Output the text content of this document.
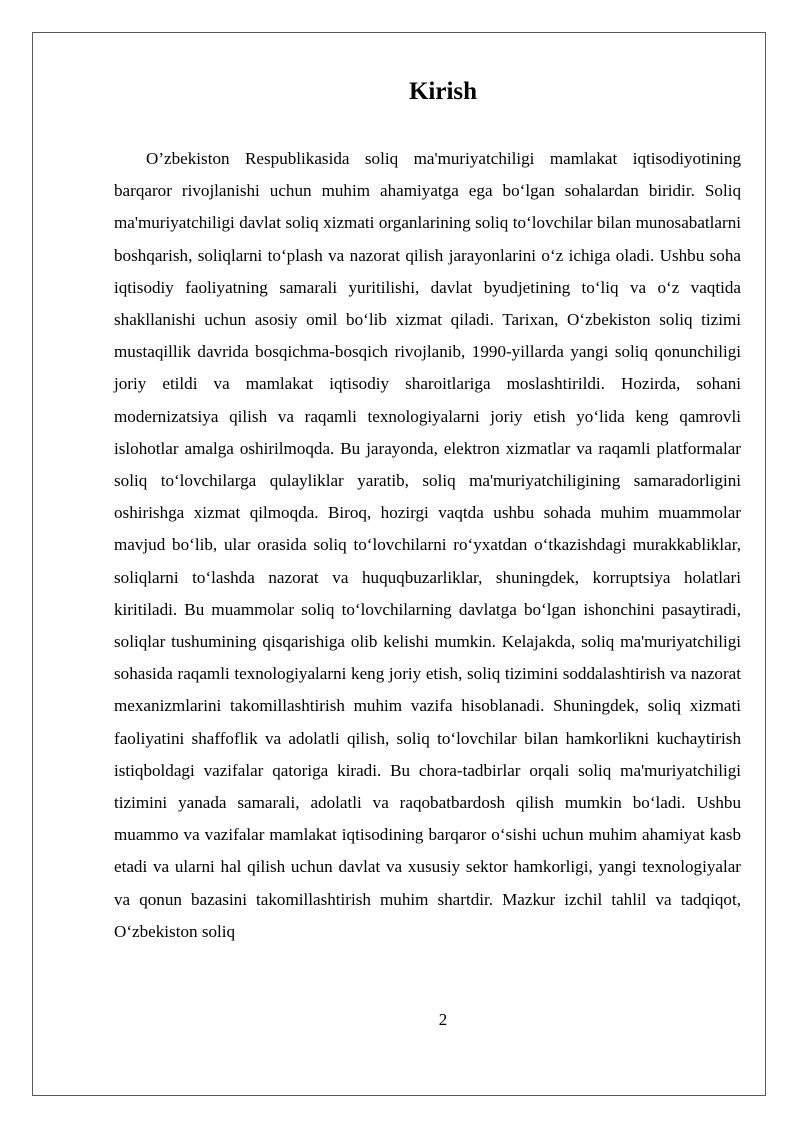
Kirish

O’zbekiston Respublikasida soliq ma'muriyatchiligi mamlakat iqtisodiyotining barqaror rivojlanishi uchun muhim ahamiyatga ega bo‘lgan sohalardan biridir. Soliq ma'muriyatchiligi davlat soliq xizmati organlarining soliq to‘lovchilar bilan munosabatlarni boshqarish, soliqlarni to‘plash va nazorat qilish jarayonlarini o‘z ichiga oladi. Ushbu soha iqtisodiy faoliyatning samarali yuritilishi, davlat byudjetining to‘liq va o‘z vaqtida shakllanishi uchun asosiy omil bo‘lib xizmat qiladi. Tarixan, O‘zbekiston soliq tizimi mustaqillik davrida bosqichma-bosqich rivojlanib, 1990-yillarda yangi soliq qonunchiligi joriy etildi va mamlakat iqtisodiy sharoitlariga moslashtirildi. Hozirda, sohani modernizatsiya qilish va raqamli texnologiyalarni joriy etish yo‘lida keng qamrovli islohotlar amalga oshirilmoqda. Bu jarayonda, elektron xizmatlar va raqamli platformalar soliq to‘lovchilarga qulayliklar yaratib, soliq ma'muriyatchiligining samaradorligini oshirishga xizmat qilmoqda. Biroq, hozirgi vaqtda ushbu sohada muhim muammolar mavjud bo‘lib, ular orasida soliq to‘lovchilarni ro‘yxatdan o‘tkazishdagi murakkabliklar, soliqlarni to‘lashda nazorat va huquqbuzarliklar, shuningdek, korruptsiya holatlari kiritiladi. Bu muammolar soliq to‘lovchilarning davlatga bo‘lgan ishonchini pasaytiradi, soliqlar tushumining qisqarishiga olib kelishi mumkin. Kelajakda, soliq ma'muriyatchiligi sohasida raqamli texnologiyalarni keng joriy etish, soliq tizimini soddalashtirish va nazorat mexanizmlarini takomillashtirish muhim vazifa hisoblanadi. Shuningdek, soliq xizmati faoliyatini shaffoflik va adolatli qilish, soliq to‘lovchilar bilan hamkorlikni kuchaytirish istiqboldagi vazifalar qatoriga kiradi. Bu chora-tadbirlar orqali soliq ma'muriyatchiligi tizimini yanada samarali, adolatli va raqobatbardosh qilish mumkin bo‘ladi. Ushbu muammo va vazifalar mamlakat iqtisodining barqaror o‘sishi uchun muhim ahamiyat kasb etadi va ularni hal qilish uchun davlat va xususiy sektor hamkorligi, yangi texnologiyalar va qonun bazasini takomillashtirish muhim shartdir. Mazkur izchil tahlil va tadqiqot, O‘zbekiston soliq

2
